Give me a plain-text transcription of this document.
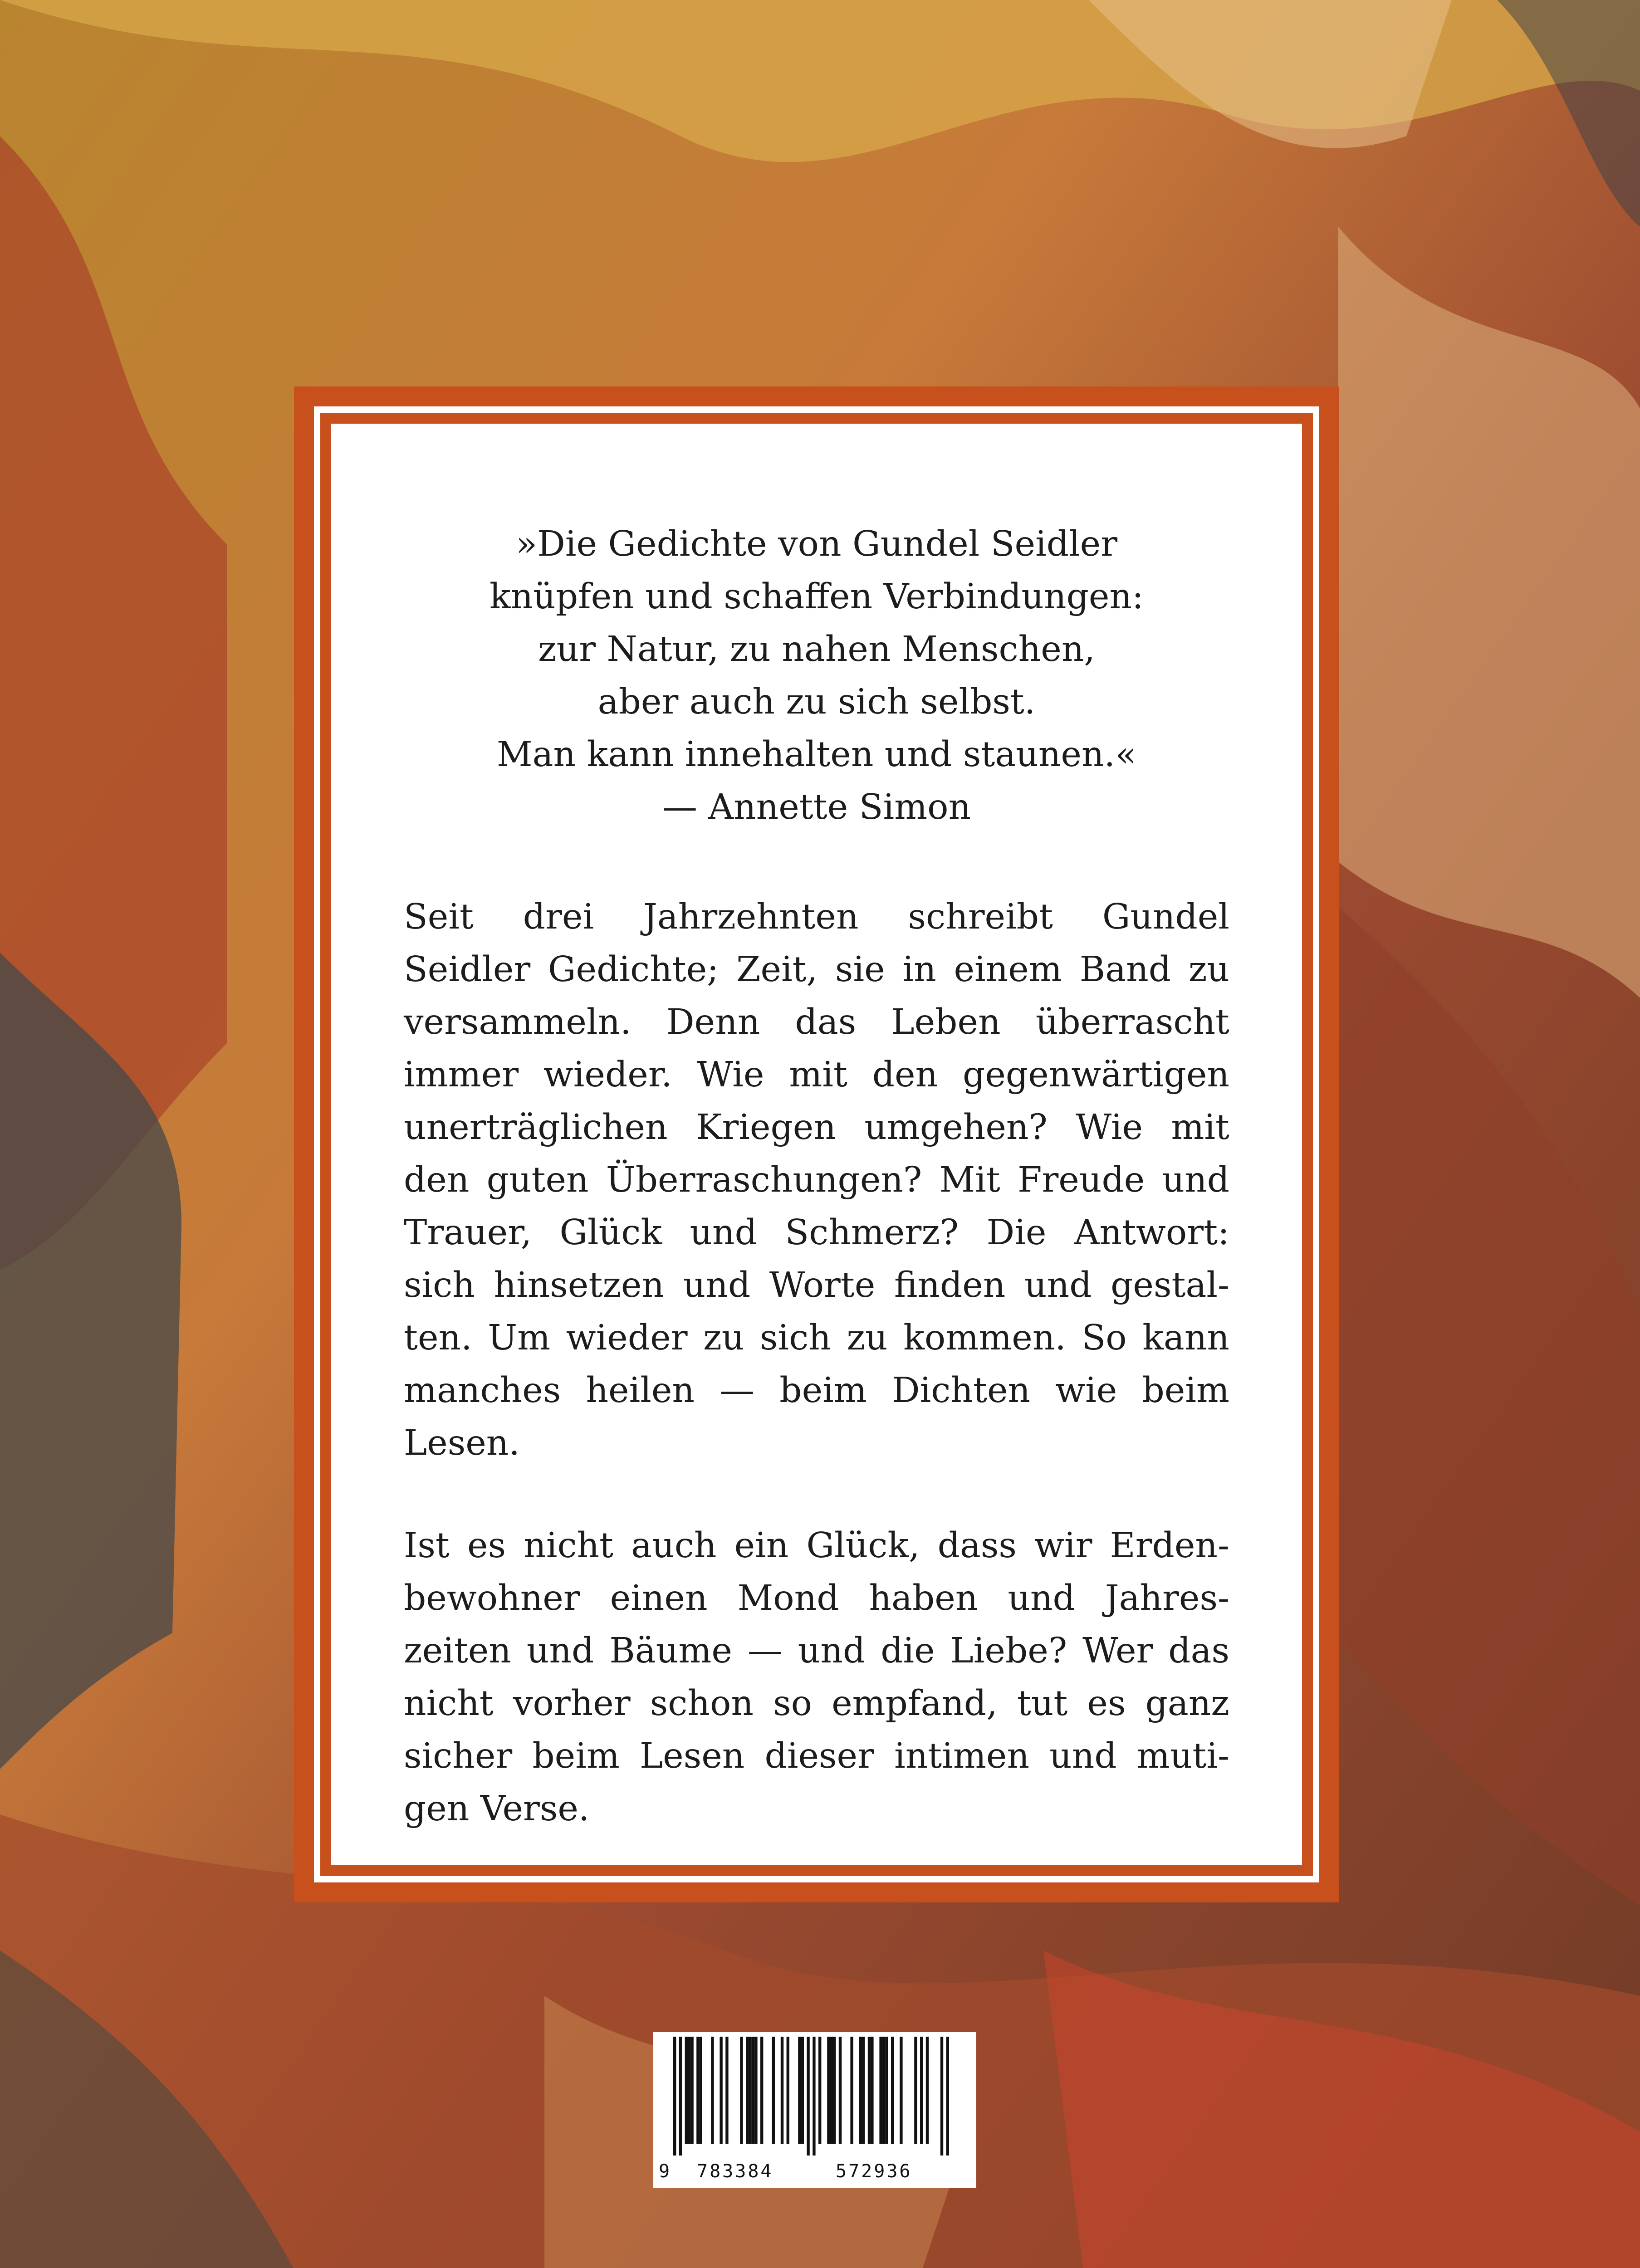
»Die Gedichte von Gundel Seidler
knüpfen und schaffen Verbindungen:
zur Natur, zu nahen Menschen,
aber auch zu sich selbst.
Man kann innehalten und staunen.«
— Annette Simon
Seit drei Jahrzehnten schreibt Gundel
Seidler Gedichte; Zeit, sie in einem Band zu
versammeln. Denn das Leben überrascht
immer wieder. Wie mit den gegenwärtigen
unerträglichen Kriegen umgehen? Wie mit
den guten Überraschungen? Mit Freude und
Trauer, Glück und Schmerz? Die Antwort:
sich hinsetzen und Worte finden und gestal-
ten. Um wieder zu sich zu kommen. So kann
manches heilen — beim Dichten wie beim
Lesen.
Ist es nicht auch ein Glück, dass wir Erden-
bewohner einen Mond haben und Jahres-
zeiten und Bäume — und die Liebe? Wer das
nicht vorher schon so empfand, tut es ganz
sicher beim Lesen dieser intimen und muti-
gen Verse.
9 783384	572936
